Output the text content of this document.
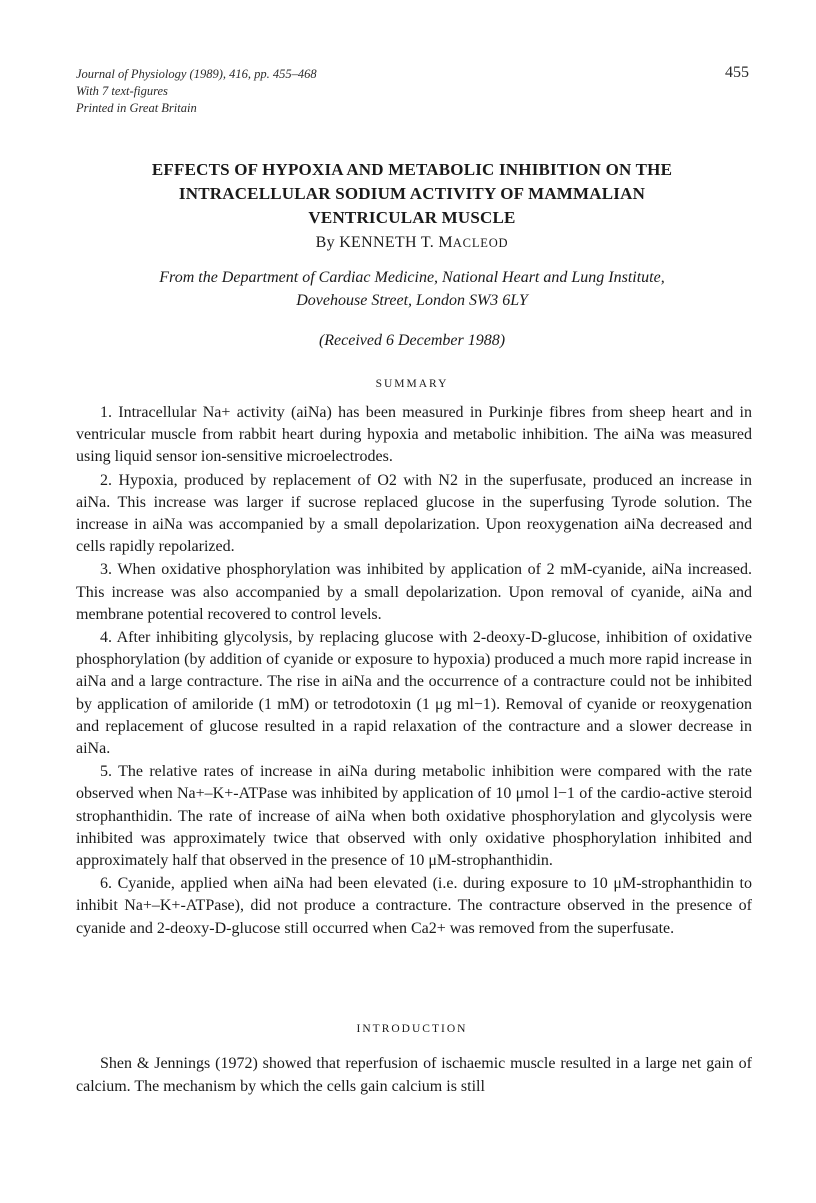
Journal of Physiology (1989), 416, pp. 455–468
With 7 text-figures
Printed in Great Britain
455
EFFECTS OF HYPOXIA AND METABOLIC INHIBITION ON THE
INTRACELLULAR SODIUM ACTIVITY OF MAMMALIAN
VENTRICULAR MUSCLE
By KENNETH T. MACLEOD
From the Department of Cardiac Medicine, National Heart and Lung Institute,
Dovehouse Street, London SW3 6LY
(Received 6 December 1988)
SUMMARY

1. Intracellular Na+ activity (aiNa) has been measured in Purkinje fibres from sheep heart and in ventricular muscle from rabbit heart during hypoxia and metabolic inhibition. The aiNa was measured using liquid sensor ion-sensitive microelectrodes.

2. Hypoxia, produced by replacement of O2 with N2 in the superfusate, produced an increase in aiNa. This increase was larger if sucrose replaced glucose in the superfusing Tyrode solution. The increase in aiNa was accompanied by a small depolarization. Upon reoxygenation aiNa decreased and cells rapidly repolarized.

3. When oxidative phosphorylation was inhibited by application of 2 mM-cyanide, aiNa increased. This increase was also accompanied by a small depolarization. Upon removal of cyanide, aiNa and membrane potential recovered to control levels.

4. After inhibiting glycolysis, by replacing glucose with 2-deoxy-D-glucose, inhibition of oxidative phosphorylation (by addition of cyanide or exposure to hypoxia) produced a much more rapid increase in aiNa and a large contracture. The rise in aiNa and the occurrence of a contracture could not be inhibited by application of amiloride (1 mM) or tetrodotoxin (1 μg ml−1). Removal of cyanide or reoxygenation and replacement of glucose resulted in a rapid relaxation of the contracture and a slower decrease in aiNa.

5. The relative rates of increase in aiNa during metabolic inhibition were compared with the rate observed when Na+–K+-ATPase was inhibited by application of 10 μmol l−1 of the cardio-active steroid strophanthidin. The rate of increase of aiNa when both oxidative phosphorylation and glycolysis were inhibited was approximately twice that observed with only oxidative phosphorylation inhibited and approximately half that observed in the presence of 10 μM-strophanthidin.

6. Cyanide, applied when aiNa had been elevated (i.e. during exposure to 10 μM-strophanthidin to inhibit Na+–K+-ATPase), did not produce a contracture. The contracture observed in the presence of cyanide and 2-deoxy-D-glucose still occurred when Ca2+ was removed from the superfusate.

INTRODUCTION

Shen & Jennings (1972) showed that reperfusion of ischaemic muscle resulted in a large net gain of calcium. The mechanism by which the cells gain calcium is still
